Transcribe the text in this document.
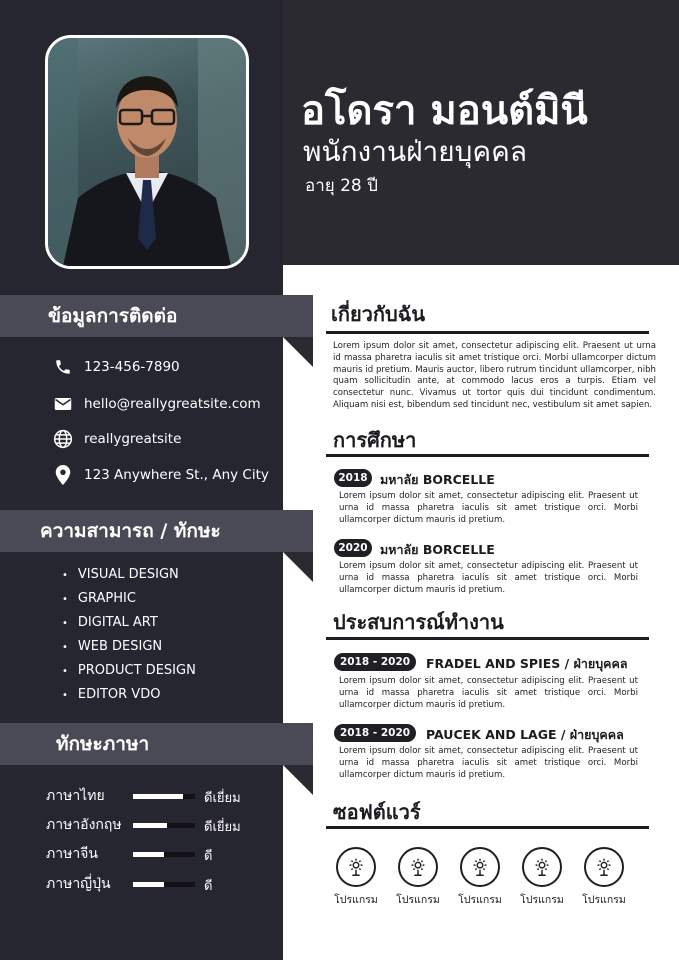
อโดรา มอนต์มินี
พนักงานฝ่ายบุคคล
อายุ 28 ปี
ข้อมูลการติดต่อ
123-456-7890
hello@reallygreatsite.com
reallygreatsite
123 Anywhere St., Any City
ความสามารถ / ทักษะ
• VISUAL DESIGN
• GRAPHIC
• DIGITAL ART
• WEB DESIGN
• PRODUCT DESIGN
• EDITOR VDO
ทักษะภาษา
ภาษาไทย	ดีเยี่ยม
ภาษาอังกฤษ	ดีเยี่ยม
ภาษาจีน	ดี
ภาษาญี่ปุ่น	ดี
เกี่ยวกับฉัน
Lorem ipsum dolor sit amet, consectetur adipiscing elit. Praesent ut urna id massa pharetra iaculis sit amet tristique orci. Morbi ullamcorper dictum mauris id pretium. Mauris auctor, libero rutrum tincidunt ullamcorper, nibh quam sollicitudin ante, at commodo lacus eros a turpis. Etiam vel consectetur nunc. Vivamus ut tortor quis dui tincidunt condimentum. Aliquam nisi est, bibendum sed tincidunt nec, vestibulum sit amet sapien.
การศึกษา
2018 มหาลัย BORCELLE
Lorem ipsum dolor sit amet, consectetur adipiscing elit. Praesent ut urna id massa pharetra iaculis sit amet tristique orci. Morbi ullamcorper dictum mauris id pretium.
2020 มหาลัย BORCELLE
Lorem ipsum dolor sit amet, consectetur adipiscing elit. Praesent ut urna id massa pharetra iaculis sit amet tristique orci. Morbi ullamcorper dictum mauris id pretium.
ประสบการณ์ทำงาน
2018 - 2020	FRADEL AND SPIES / ฝ่ายบุคคล
Lorem ipsum dolor sit amet, consectetur adipiscing elit. Praesent ut urna id massa pharetra iaculis sit amet tristique orci. Morbi ullamcorper dictum mauris id pretium.
2018 - 2020	PAUCEK AND LAGE / ฝ่ายบุคคล
Lorem ipsum dolor sit amet, consectetur adipiscing elit. Praesent ut urna id massa pharetra iaculis sit amet tristique orci. Morbi ullamcorper dictum mauris id pretium.
ซอฟต์แวร์
โปรแกรม โปรแกรม โปรแกรม โปรแกรม โปรแกรม
